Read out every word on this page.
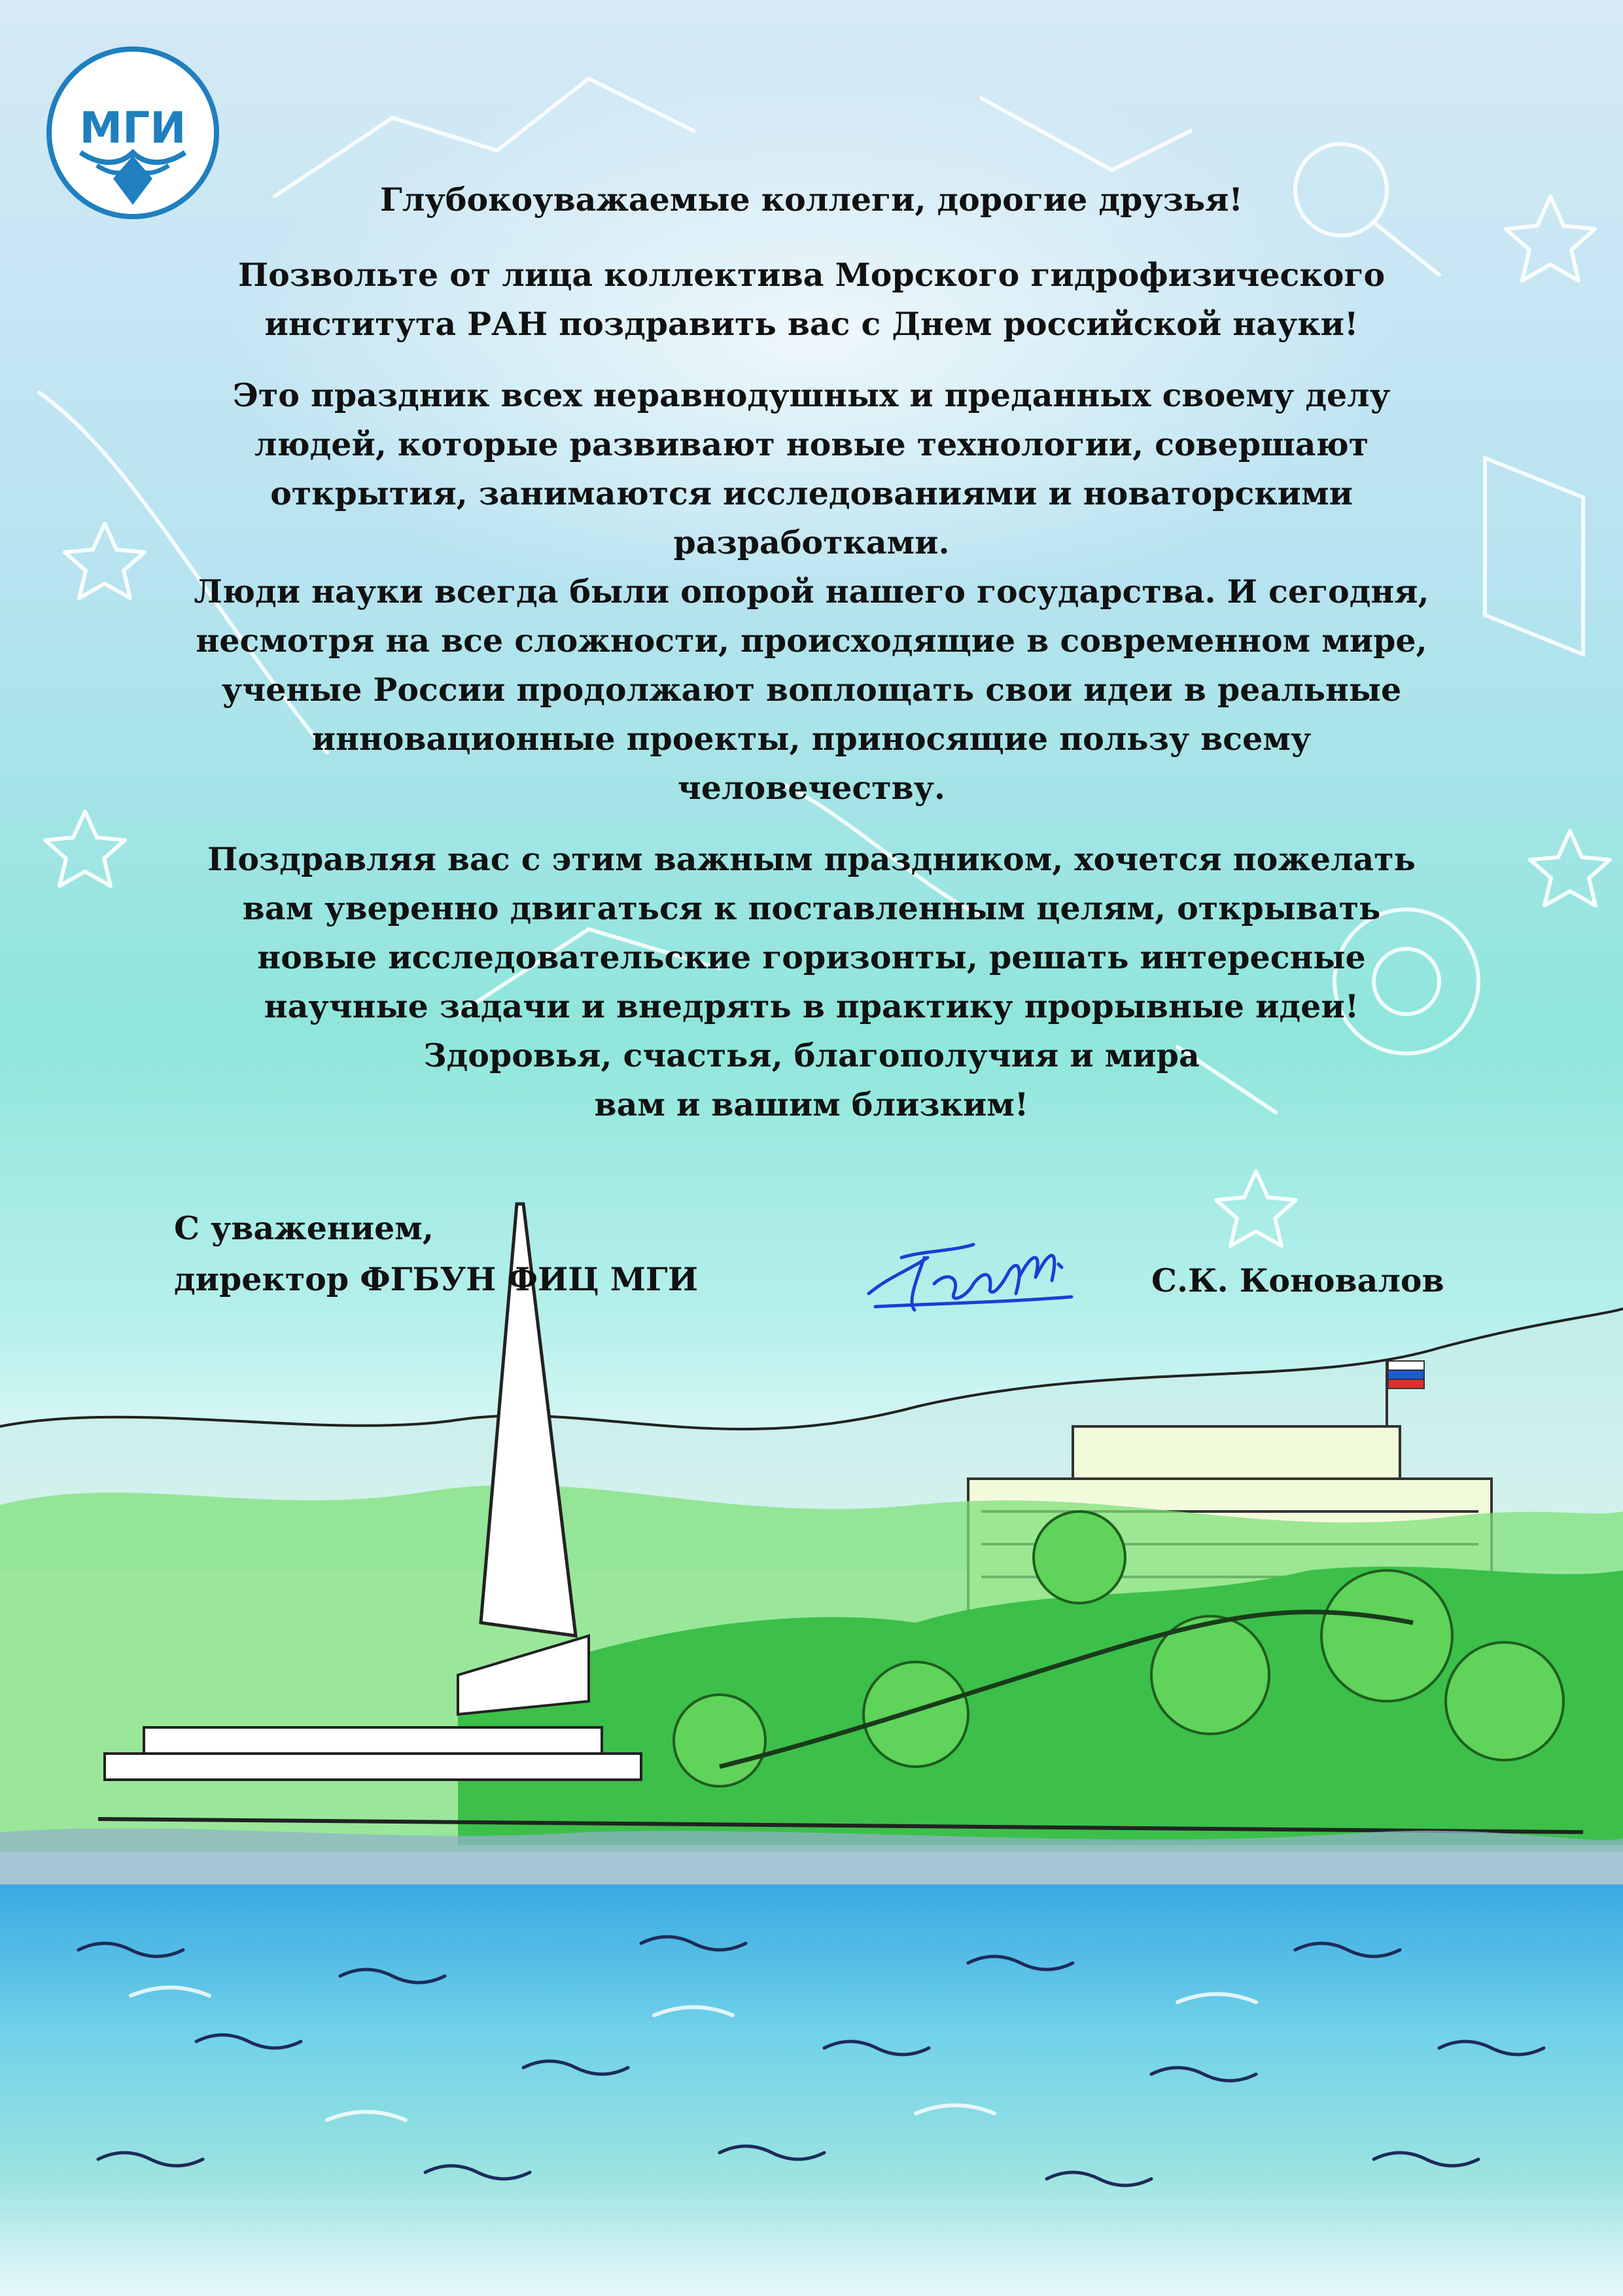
МГИ

Глубокоуважаемые коллеги, дорогие друзья!

Позвольте от лица коллектива Морского гидрофизического
института РАН поздравить вас с Днем российской науки!

Это праздник всех неравнодушных и преданных своему делу
людей, которые развивают новые технологии, совершают
открытия, занимаются исследованиями и новаторскими
разработками.
Люди науки всегда были опорой нашего государства. И сегодня,
несмотря на все сложности, происходящие в современном мире,
ученые России продолжают воплощать свои идеи в реальные
инновационные проекты, приносящие пользу всему
человечеству.

Поздравляя вас с этим важным праздником, хочется пожелать
вам уверенно двигаться к поставленным целям, открывать
новые исследовательские горизонты, решать интересные
научные задачи и внедрять в практику прорывные идеи!
Здоровья, счастья, благополучия и мира
вам и вашим близким!

С уважением,
директор ФГБУН ФИЦ МГИ	С.К. Коновалов
